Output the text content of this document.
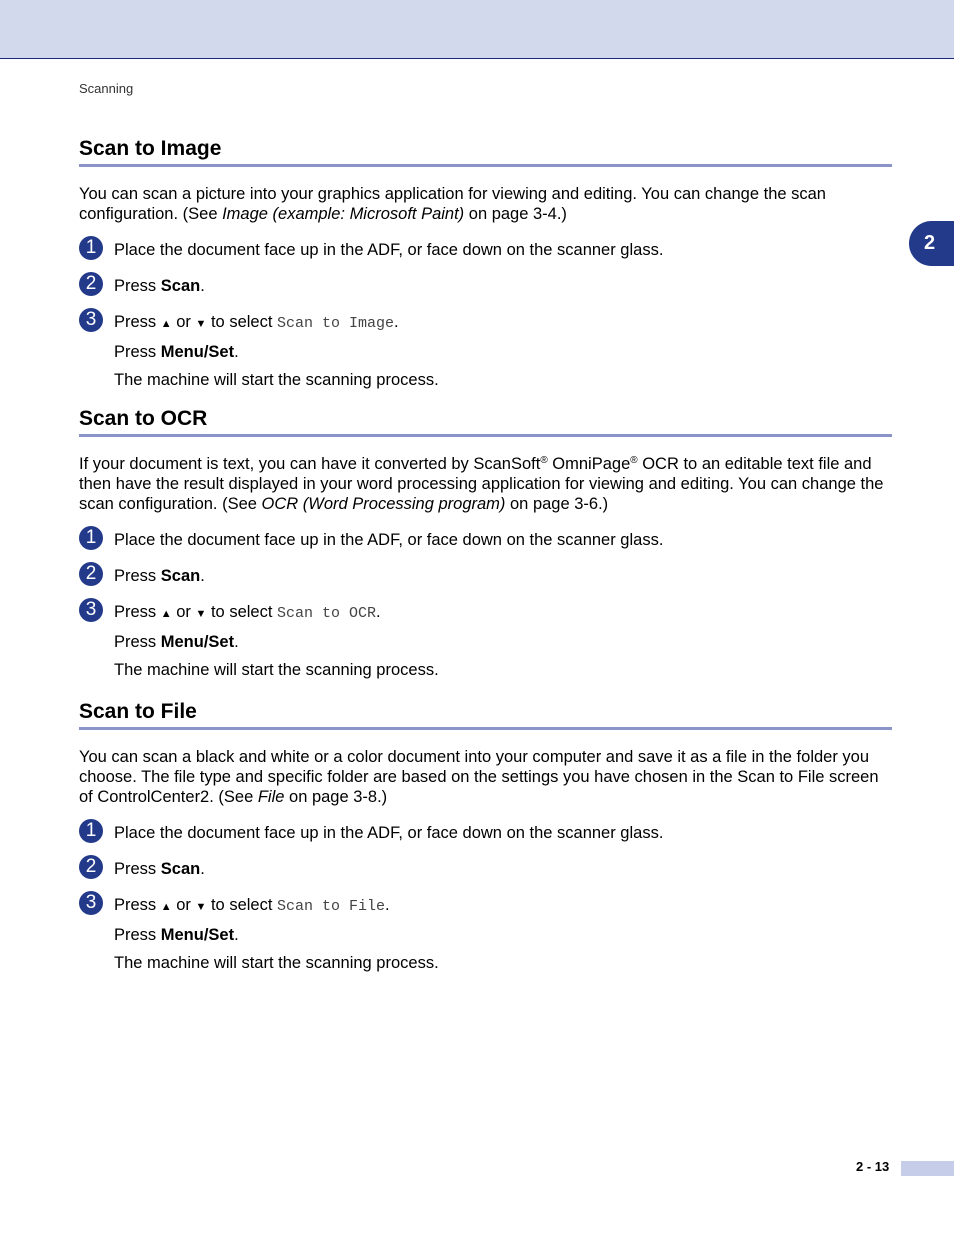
Scanning
2
Scan to Image

You can scan a picture into your graphics application for viewing and editing. You can change the scan configuration. (See Image (example: Microsoft Paint) on page 3-4.)

1	Place the document face up in the ADF, or face down on the scanner glass.
2	Press Scan.
3	Press ▲ or ▼ to select Scan to Image.
Press Menu/Set.
The machine will start the scanning process.
Scan to OCR

If your document is text, you can have it converted by ScanSoft® OmniPage® OCR to an editable text file and then have the result displayed in your word processing application for viewing and editing. You can change the scan configuration. (See OCR (Word Processing program) on page 3-6.)

1	Place the document face up in the ADF, or face down on the scanner glass.
2	Press Scan.
3	Press ▲ or ▼ to select Scan to OCR.
Press Menu/Set.
The machine will start the scanning process.
Scan to File

You can scan a black and white or a color document into your computer and save it as a file in the folder you choose. The file type and specific folder are based on the settings you have chosen in the Scan to File screen of ControlCenter2. (See File on page 3-8.)

1	Place the document face up in the ADF, or face down on the scanner glass.
2	Press Scan.
3	Press ▲ or ▼ to select Scan to File.
Press Menu/Set.
The machine will start the scanning process.
2 - 13
